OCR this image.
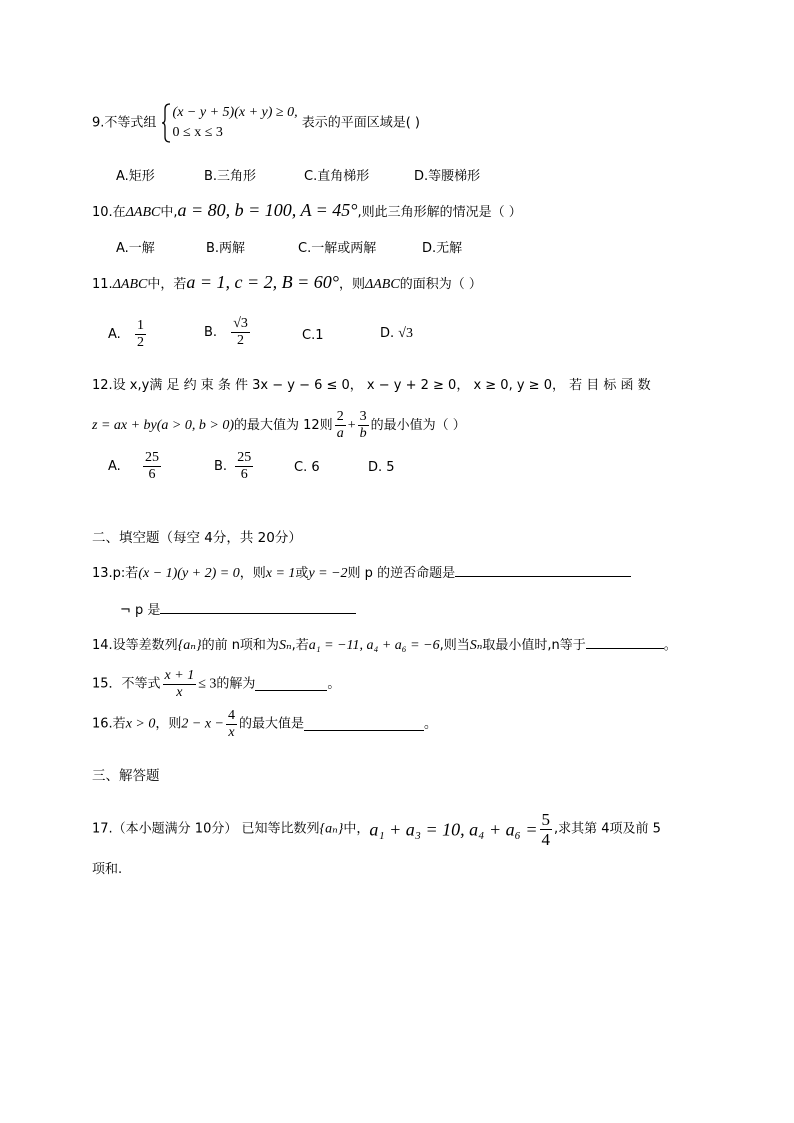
9.不等式组
(x − y + 5)(x + y) ≥ 0,
0 ≤ x ≤ 3
表示的平面区域是( )
A.矩形	B.三角形	C.直角梯形	D.等腰梯形
10.在ΔABC中,a = 80, b = 100, A = 45°,则此三角形解的情况是（ ）
A.一解	B.两解	C.一解或两解	D.无解
11.ΔABC中，若a = 1, c = 2, B = 60°，则ΔABC的面积为（ ）
A. $\frac{1}{2}$	B. $\frac{√3}{2}$	C.1	D. √3
12.设 x,y满 足 约 束 条 件 3x − y − 6 ≤ 0， x − y + 2 ≥ 0， x ≥ 0, y ≥ 0， 若 目 标 函 数
z = ax + by(a > 0, b > 0)的最大值为 12则 $\frac{2}{a} + \frac{3}{b}$ 的最小值为（ ）
A. $\frac{25}{6}$	B. $\frac{25}{6}$	C. 6	D. 5
二、填空题（每空 4分，共 20分）
13.p:若(x − 1)(y + 2) = 0，则x = 1或y = −2则 p 的逆否命题是
¬ p 是
14.设等差数列{aₙ}的前 n项和为Sₙ,若a₁ = −11, a₄ + a₆ = −6,则当Sₙ取最小值时,n等于	。
15．不等式 $\frac{x + 1}{x} \le 3$的解为	。
16.若x > 0，则$2 - x - \frac{4}{x}$ 的最大值是	。
三、解答题
17.（本小题满分 10分） 已知等比数列{aₙ}中，a₁ + a₃ = 10, $a_4 + a_6 = \frac{5}{4}$ ,求其第 4项及前 5
项和.
